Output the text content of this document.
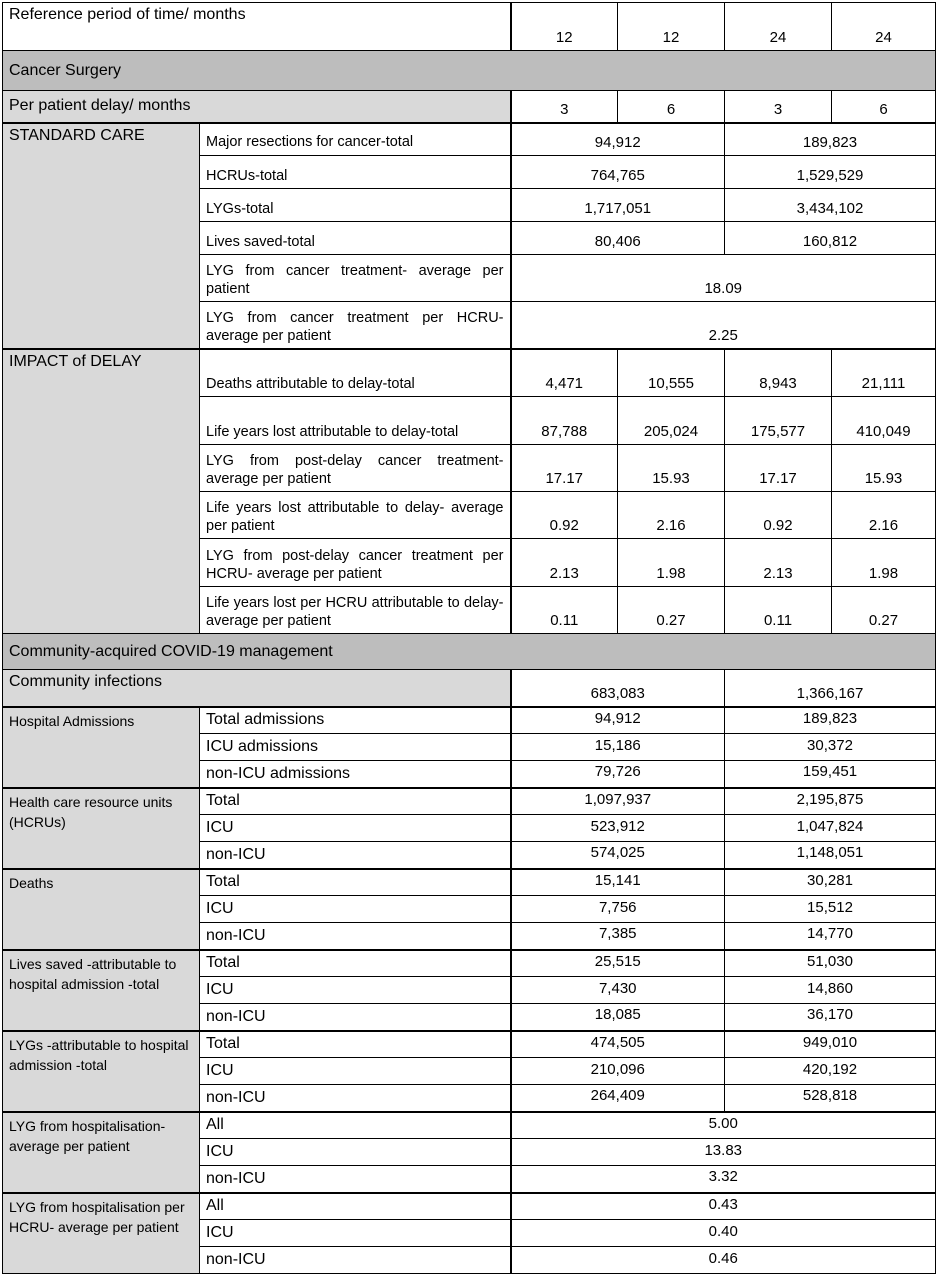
Reference period of time/ months		12	12	24	24
Cancer Surgery					
Per patient delay/ months		3	6	3	6
STANDARD CARE	Major resections for cancer-total	94,912		189,823	
	HCRUs-total	764,765		1,529,529	
	LYGs-total	1,717,051		3,434,102	
	Lives saved-total	80,406		160,812	
	LYG from cancer treatment- average per patient	18.09			
	LYG from cancer treatment per HCRU- average per patient	2.25			
IMPACT of DELAY	Deaths attributable to delay-total	4,471	10,555	8,943	21,111
	Life years lost attributable to delay-total	87,788	205,024	175,577	410,049
	LYG from post-delay cancer treatment- average per patient	17.17	15.93	17.17	15.93
	Life years lost attributable to delay- average per patient	0.92	2.16	0.92	2.16
	LYG from post-delay cancer treatment per HCRU- average per patient	2.13	1.98	2.13	1.98
	Life years lost per HCRU attributable to delay-average per patient	0.11	0.27	0.11	0.27
Community-acquired COVID-19 management					
Community infections		683,083		1,366,167	
Hospital Admissions	Total admissions	94,912		189,823	
	ICU admissions	15,186		30,372	
	non-ICU admissions	79,726		159,451	
Health care resource units (HCRUs)	Total	1,097,937		2,195,875	
	ICU	523,912		1,047,824	
	non-ICU	574,025		1,148,051	
Deaths	Total	15,141		30,281	
	ICU	7,756		15,512	
	non-ICU	7,385		14,770	
Lives saved -attributable to hospital admission -total	Total	25,515		51,030	
	ICU	7,430		14,860	
	non-ICU	18,085		36,170	
LYGs -attributable to hospital admission -total	Total	474,505		949,010	
	ICU	210,096		420,192	
	non-ICU	264,409		528,818	
LYG from hospitalisation- average per patient	All	5.00			
	ICU	13.83			
	non-ICU	3.32			
LYG from hospitalisation per HCRU- average per patient	All	0.43			
	ICU	0.40			
	non-ICU	0.46			
